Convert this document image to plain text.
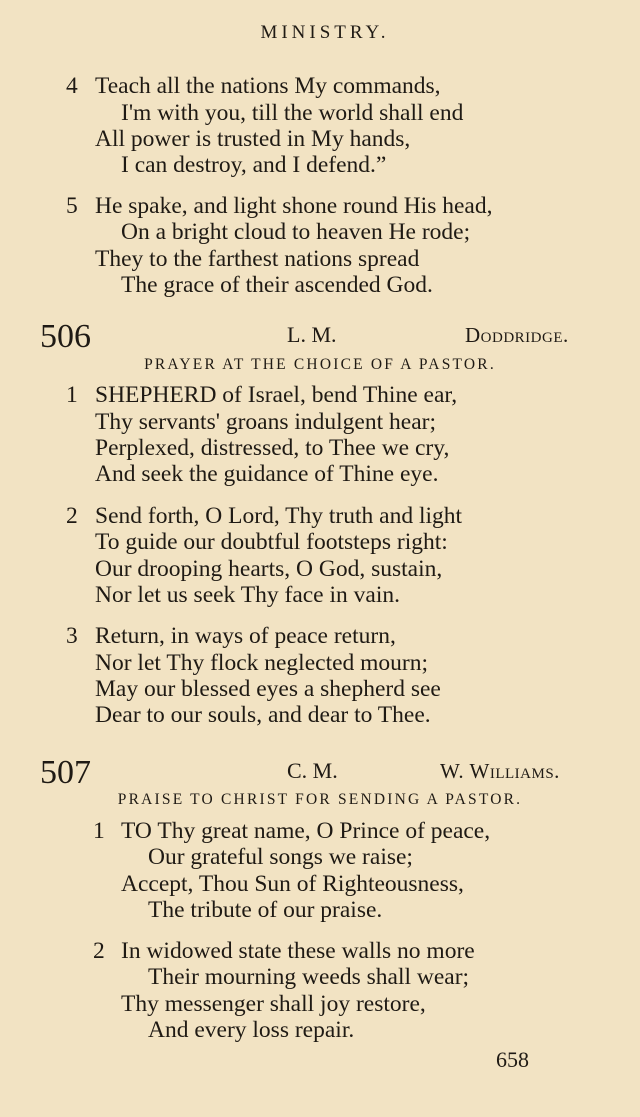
MINISTRY.
4 Teach all the nations My commands,
I'm with you, till the world shall end
All power is trusted in My hands,
I can destroy, and I defend.”
5 He spake, and light shone round His head,
On a bright cloud to heaven He rode;
They to the farthest nations spread
The grace of their ascended God.
506	L. M.	Doddridge.
PRAYER AT THE CHOICE OF A PASTOR.
1 SHEPHERD of Israel, bend Thine ear,
Thy servants' groans indulgent hear;
Perplexed, distressed, to Thee we cry,
And seek the guidance of Thine eye.
2 Send forth, O Lord, Thy truth and light
To guide our doubtful footsteps right:
Our drooping hearts, O God, sustain,
Nor let us seek Thy face in vain.
3 Return, in ways of peace return,
Nor let Thy flock neglected mourn;
May our blessed eyes a shepherd see
Dear to our souls, and dear to Thee.
507	C. M.	W. Williams.
PRAISE TO CHRIST FOR SENDING A PASTOR.
1 TO Thy great name, O Prince of peace,
Our grateful songs we raise;
Accept, Thou Sun of Righteousness,
The tribute of our praise.
2 In widowed state these walls no more
Their mourning weeds shall wear;
Thy messenger shall joy restore,
And every loss repair.
658
